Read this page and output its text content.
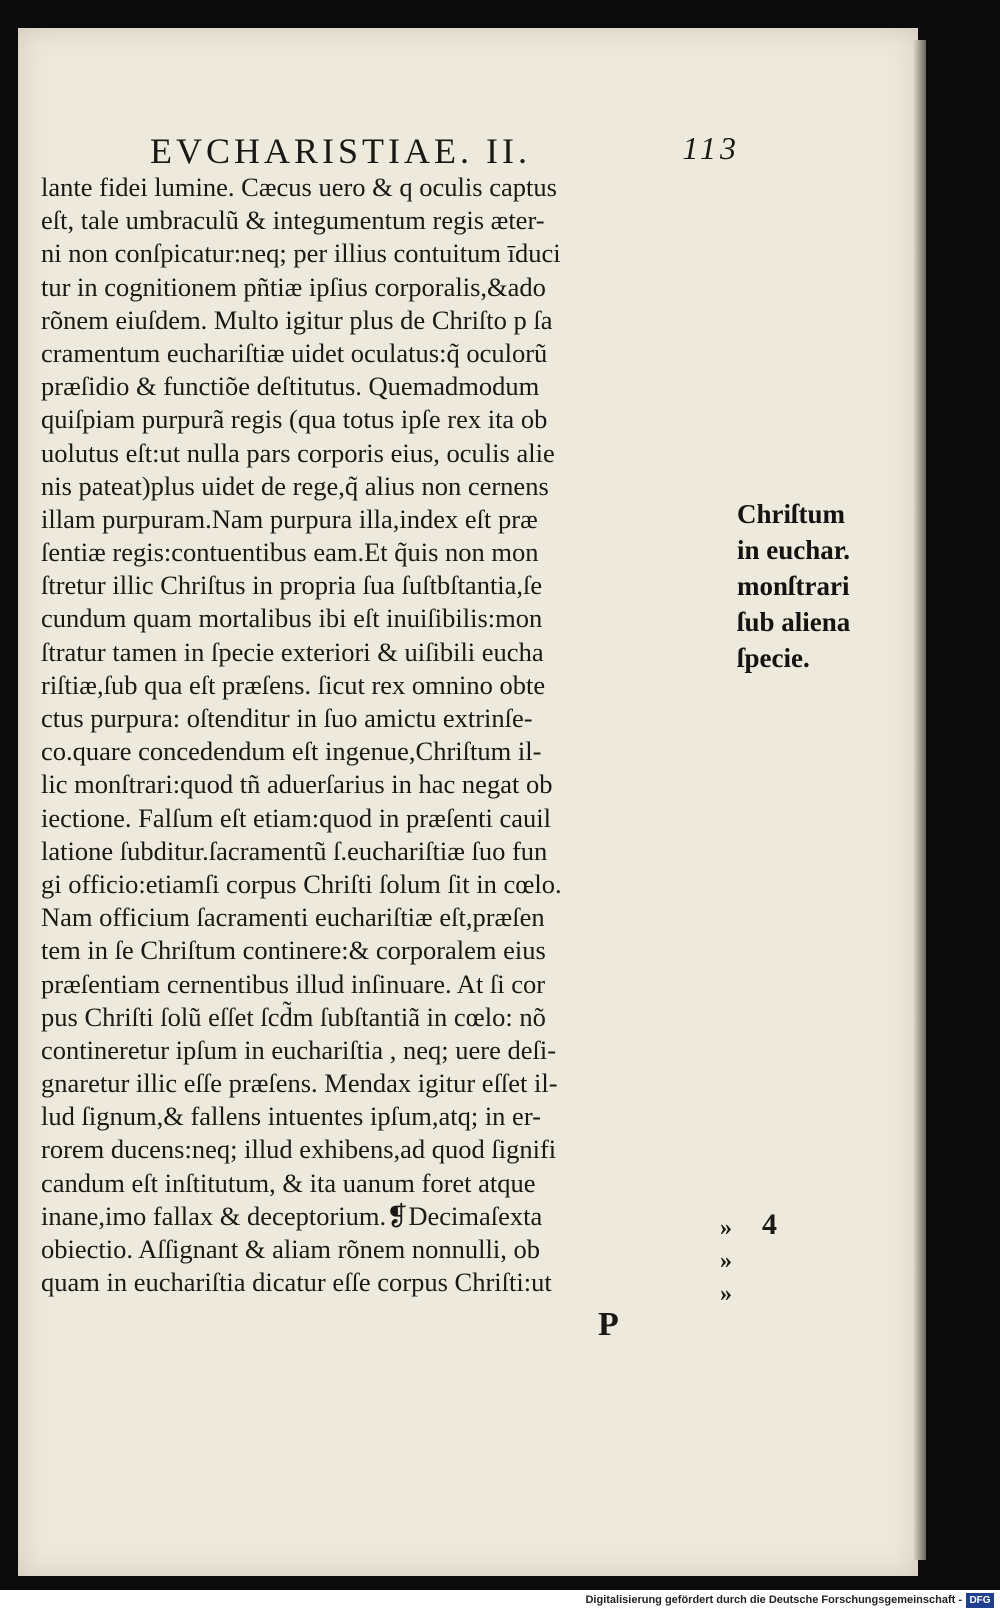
EVCHARISTIAE. II.	113
lante fidei lumine. Cæcus uero & q oculis captus
eſt, tale umbraculũ & integumentum regis æter-
ni non conſpicatur:neq; per illius contuitum īduci
tur in cognitionem pñtiæ ipſius corporalis,&ado
rõnem eiuſdem. Multo igitur plus de Chriſto p ſa
cramentum euchariſtiæ uidet oculatus:q̃ oculorũ
præſidio & functiõe deſtitutus. Quemadmodum
quiſpiam purpurã regis (qua totus ipſe rex ita ob
uolutus eſt:ut nulla pars corporis eius, oculis alie
nis pateat)plus uidet de rege,q̃ alius non cernens
illam purpuram.Nam purpura illa,index eſt præ
ſentiæ regis:contuentibus eam.Et q̃uis non mon
ſtretur illic Chriſtus in propria ſua ſuſtbſtantia,ſe
cundum quam mortalibus ibi eſt inuiſibilis:mon
ſtratur tamen in ſpecie exteriori & uiſibili eucha
riſtiæ,ſub qua eſt præſens. ſicut rex omnino obte
ctus purpura: oſtenditur in ſuo amictu extrinſe-
co.quare concedendum eſt ingenue,Chriſtum il-
lic monſtrari:quod tñ aduerſarius in hac negat ob
iectione. Falſum eſt etiam:quod in præſenti cauil
latione ſubditur.ſacramentũ ſ.euchariſtiæ ſuo fun
gi officio:etiamſi corpus Chriſti ſolum ſit in cœlo.
Nam officium ſacramenti euchariſtiæ eſt,præſen
tem in ſe Chriſtum continere:& corporalem eius
præſentiam cernentibus illud inſinuare. At ſi cor
pus Chriſti ſolũ eſſet ſcd̃m ſubſtantiã in cœlo: nõ
contineretur ipſum in euchariſtia , neq; uere deſi-
gnaretur illic eſſe præſens. Mendax igitur eſſet il-
lud ſignum,& fallens intuentes ipſum,atq; in er-
rorem ducens:neq; illud exhibens,ad quod ſignifi
candum eſt inſtitutum, & ita uanum foret atque
inane,imo fallax & deceptorium.❡Decimaſexta
obiectio. Aſſignant & aliam rõnem nonnulli, ob
quam in euchariſtia dicatur eſſe corpus Chriſti:ut
Chriſtum
in euchar.
monſtrari
ſub aliena
ſpecie.
»
»
»
4
P
Digitalisierung gefördert durch die Deutsche Forschungsgemeinschaft - DFG
